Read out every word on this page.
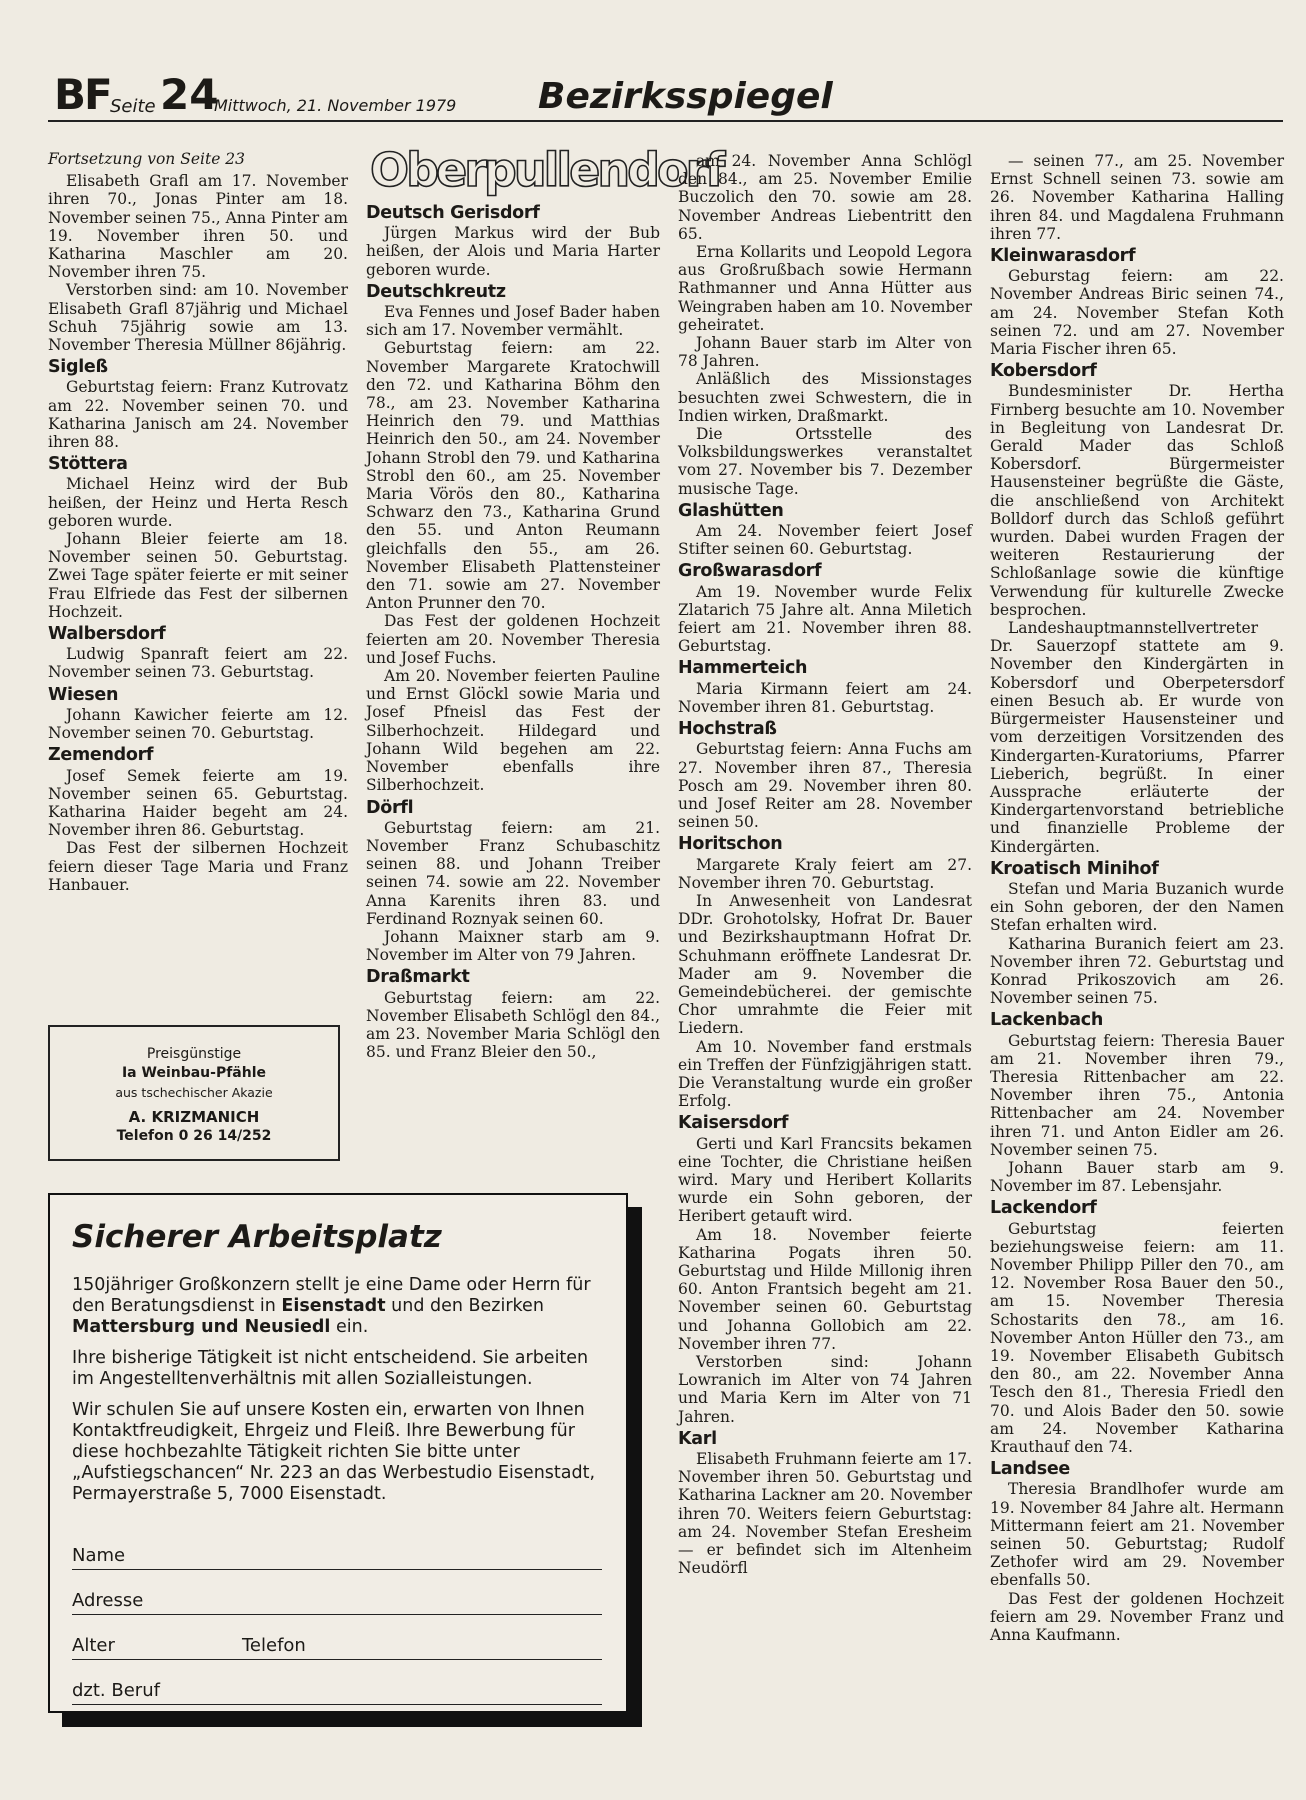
BF Seite 24
Mittwoch, 21. November 1979 Bezirksspiegel

Fortsetzung von Seite 23

Elisabeth Grafl am 17. November ihren 70., Jonas Pinter am 18. November seinen 75., Anna Pinter am 19. November ihren 50. und Katharina Maschler am 20. November ihren 75.

Verstorben sind: am 10. November Elisabeth Grafl 87jährig und Michael Schuh 75jährig sowie am 13. November Theresia Müllner 86jährig.

Sigleß

Geburtstag feiern: Franz Kutrovatz am 22. November seinen 70. und Katharina Janisch am 24. November ihren 88.

Stöttera

Michael Heinz wird der Bub heißen, der Heinz und Herta Resch geboren wurde.

Johann Bleier feierte am 18. November seinen 50. Geburtstag. Zwei Tage später feierte er mit seiner Frau Elfriede das Fest der silbernen Hochzeit.

Walbersdorf

Ludwig Spanraft feiert am 22. November seinen 73. Geburtstag.

Wiesen

Johann Kawicher feierte am 12. November seinen 70. Geburtstag.

Zemendorf

Josef Semek feierte am 19. November seinen 65. Geburtstag. Katharina Haider begeht am 24. November ihren 86. Geburtstag.

Das Fest der silbernen Hochzeit feiern dieser Tage Maria und Franz Hanbauer.

Oberpullendorf
Deutsch Gerisdorf

Jürgen Markus wird der Bub heißen, der Alois und Maria Harter geboren wurde.

Deutschkreutz

Eva Fennes und Josef Bader haben sich am 17. November vermählt.

Geburtstag feiern: am 22. November Margarete Kratochwill den 72. und Katharina Böhm den 78., am 23. November Katharina Heinrich den 79. und Matthias Heinrich den 50., am 24. November Johann Strobl den 79. und Katharina Strobl den 60., am 25. November Maria Vörös den 80., Katharina Schwarz den 73., Katharina Grund den 55. und Anton Reumann gleichfalls den 55., am 26. November Elisabeth Plattensteiner den 71. sowie am 27. November Anton Prunner den 70.

Das Fest der goldenen Hochzeit feierten am 20. November Theresia und Josef Fuchs.

Am 20. November feierten Pauline und Ernst Glöckl sowie Maria und Josef Pfneisl das Fest der Silberhochzeit. Hildegard und Johann Wild begehen am 22. November ebenfalls ihre Silberhochzeit.

Dörfl

Geburtstag feiern: am 21. November Franz Schubaschitz seinen 88. und Johann Treiber seinen 74. sowie am 22. November Anna Karenits ihren 83. und Ferdinand Roznyak seinen 60.

Johann Maixner starb am 9. November im Alter von 79 Jahren.

Draßmarkt

Geburtstag feiern: am 22. November Elisabeth Schlögl den 84., am 23. November Maria Schlögl den 85. und Franz Bleier den 50.,

am 24. November Anna Schlögl den 84., am 25. November Emilie Buczolich den 70. sowie am 28. November Andreas Liebentritt den 65.

Erna Kollarits und Leopold Legora aus Großrußbach sowie Hermann Rathmanner und Anna Hütter aus Weingraben haben am 10. November geheiratet.

Johann Bauer starb im Alter von 78 Jahren.

Anläßlich des Missionstages besuchten zwei Schwestern, die in Indien wirken, Draßmarkt.

Die Ortsstelle des Volksbildungswerkes veranstaltet vom 27. November bis 7. Dezember musische Tage.

Glashütten

Am 24. November feiert Josef Stifter seinen 60. Geburtstag.

Großwarasdorf

Am 19. November wurde Felix Zlatarich 75 Jahre alt. Anna Miletich feiert am 21. November ihren 88. Geburtstag.

Hammerteich

Maria Kirmann feiert am 24. November ihren 81. Geburtstag.

Hochstraß

Geburtstag feiern: Anna Fuchs am 27. November ihren 87., Theresia Posch am 29. November ihren 80. und Josef Reiter am 28. November seinen 50.

Horitschon

Margarete Kraly feiert am 27. November ihren 70. Geburtstag.

In Anwesenheit von Landesrat DDr. Grohotolsky, Hofrat Dr. Bauer und Bezirkshauptmann Hofrat Dr. Schuhmann eröffnete Landesrat Dr. Mader am 9. November die Gemeindebücherei. der gemischte Chor umrahmte die Feier mit Liedern.

Am 10. November fand erstmals ein Treffen der Fünfzigjährigen statt. Die Veranstaltung wurde ein großer Erfolg.

Kaisersdorf

Gerti und Karl Francsits bekamen eine Tochter, die Christiane heißen wird. Mary und Heribert Kollarits wurde ein Sohn geboren, der Heribert getauft wird.

Am 18. November feierte Katharina Pogats ihren 50. Geburtstag und Hilde Millonig ihren 60. Anton Frantsich begeht am 21. November seinen 60. Geburtstag und Johanna Gollobich am 22. November ihren 77.

Verstorben sind: Johann Lowranich im Alter von 74 Jahren und Maria Kern im Alter von 71 Jahren.

Karl

Elisabeth Fruhmann feierte am 17. November ihren 50. Geburtstag und Katharina Lackner am 20. November ihren 70. Weiters feiern Geburtstag: am 24. November Stefan Eresheim — er befindet sich im Altenheim Neudörfl

— seinen 77., am 25. November Ernst Schnell seinen 73. sowie am 26. November Katharina Halling ihren 84. und Magdalena Fruhmann ihren 77.

Kleinwarasdorf

Geburstag feiern: am 22. November Andreas Biric seinen 74., am 24. November Stefan Koth seinen 72. und am 27. November Maria Fischer ihren 65.

Kobersdorf

Bundesminister Dr. Hertha Firnberg besuchte am 10. November in Begleitung von Landesrat Dr. Gerald Mader das Schloß Kobersdorf. Bürgermeister Hausensteiner begrüßte die Gäste, die anschließend von Architekt Bolldorf durch das Schloß geführt wurden. Dabei wurden Fragen der weiteren Restaurierung der Schloßanlage sowie die künftige Verwendung für kulturelle Zwecke besprochen.

Landeshauptmannstellvertreter Dr. Sauerzopf stattete am 9. November den Kindergärten in Kobersdorf und Oberpetersdorf einen Besuch ab. Er wurde von Bürgermeister Hausensteiner und vom derzeitigen Vorsitzenden des Kindergarten-Kuratoriums, Pfarrer Lieberich, begrüßt. In einer Aussprache erläuterte der Kindergartenvorstand betriebliche und finanzielle Probleme der Kindergärten.

Kroatisch Minihof

Stefan und Maria Buzanich wurde ein Sohn geboren, der den Namen Stefan erhalten wird.

Katharina Buranich feiert am 23. November ihren 72. Geburtstag und Konrad Prikoszovich am 26. November seinen 75.

Lackenbach

Geburtstag feiern: Theresia Bauer am 21. November ihren 79., Theresia Rittenbacher am 22. November ihren 75., Antonia Rittenbacher am 24. November ihren 71. und Anton Eidler am 26. November seinen 75.

Johann Bauer starb am 9. November im 87. Lebensjahr.

Lackendorf

Geburtstag feierten beziehungsweise feiern: am 11. November Philipp Piller den 70., am 12. November Rosa Bauer den 50., am 15. November Theresia Schostarits den 78., am 16. November Anton Hüller den 73., am 19. November Elisabeth Gubitsch den 80., am 22. November Anna Tesch den 81., Theresia Friedl den 70. und Alois Bader den 50. sowie am 24. November Katharina Krauthauf den 74.

Landsee

Theresia Brandlhofer wurde am 19. November 84 Jahre alt. Hermann Mittermann feiert am 21. November seinen 50. Geburtstag; Rudolf Zethofer wird am 29. November ebenfalls 50.

Das Fest der goldenen Hochzeit feiern am 29. November Franz und Anna Kaufmann.

Preisgünstige
Ia Weinbau-Pfähle
aus tschechischer Akazie
A. KRIZMANICH
Telefon 0 26 14/252
Sicherer Arbeitsplatz

150jähriger Großkonzern stellt je eine Dame oder Herrn für den Beratungsdienst in Eisenstadt und den Bezirken Mattersburg und Neusiedl ein.

Ihre bisherige Tätigkeit ist nicht entscheidend. Sie arbeiten im Angestelltenverhältnis mit allen Sozialleistungen.

Wir schulen Sie auf unsere Kosten ein, erwarten von Ihnen Kontaktfreudigkeit, Ehrgeiz und Fleiß. Ihre Bewerbung für diese hochbezahlte Tätigkeit richten Sie bitte unter „Aufstiegschancen“ Nr. 223 an das Werbestudio Eisenstadt, Permayerstraße 5, 7000 Eisenstadt.

Name
Adresse
Alter	Telefon
dzt. Beruf
